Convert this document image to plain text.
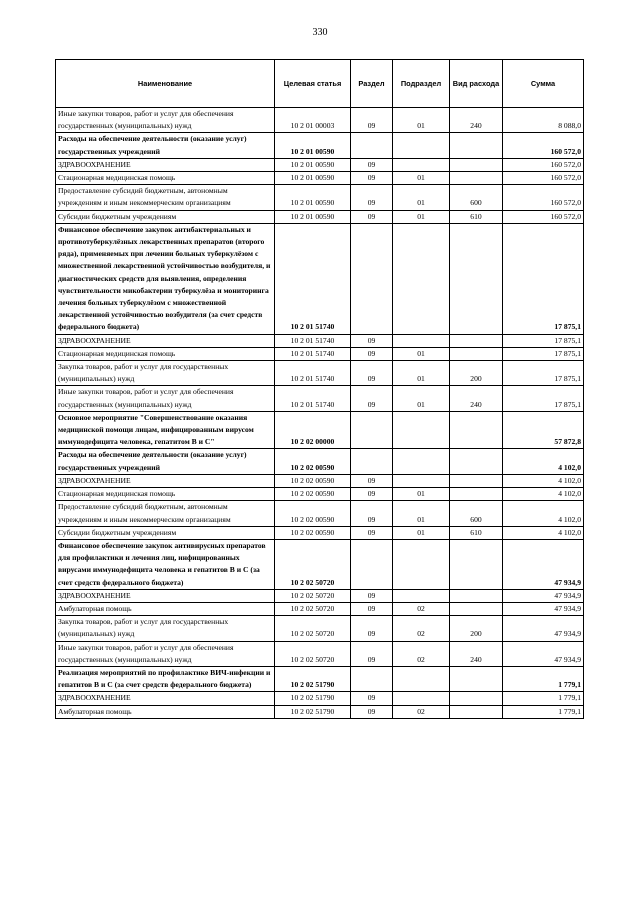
330
Наименование	Целевая статья	Раздел	Подраздел	Вид расхода	Сумма
Иные закупки товаров, работ и услуг для обеспечения государственных (муниципальных) нужд	10 2 01 00003	09	01	240	8 088,0
Расходы на обеспечение деятельности (оказание услуг) государственных учреждений	10 2 01 00590				160 572,0
ЗДРАВООХРАНЕНИЕ	10 2 01 00590	09			160 572,0
Стационарная медицинская помощь	10 2 01 00590	09	01		160 572,0
Предоставление субсидий бюджетным, автономным учреждениям и иным некоммерческим организациям	10 2 01 00590	09	01	600	160 572,0
Субсидии бюджетным учреждениям	10 2 01 00590	09	01	610	160 572,0
Финансовое обеспечение закупок антибактериальных и противотуберкулёзных лекарственных препаратов (второго ряда), применяемых при лечении больных туберкулёзом с множественной лекарственной устойчивостью возбудителя, и диагностических средств для выявления, определения чувствительности микобактерии туберкулёза и мониторинга лечения больных туберкулёзом с множественной лекарственной устойчивостью возбудителя (за счет средств федерального бюджета)	10 2 01 51740				17 875,1
ЗДРАВООХРАНЕНИЕ	10 2 01 51740	09			17 875,1
Стационарная медицинская помощь	10 2 01 51740	09	01		17 875,1
Закупка товаров, работ и услуг для государственных (муниципальных) нужд	10 2 01 51740	09	01	200	17 875,1
Иные закупки товаров, работ и услуг для обеспечения государственных (муниципальных) нужд	10 2 01 51740	09	01	240	17 875,1
Основное мероприятие "Совершенствование оказания медицинской помощи лицам, инфицированным вирусом иммунодефицита человека, гепатитом В и С"	10 2 02 00000				57 872,8
Расходы на обеспечение деятельности (оказание услуг) государственных учреждений	10 2 02 00590				4 102,0
ЗДРАВООХРАНЕНИЕ	10 2 02 00590	09			4 102,0
Стационарная медицинская помощь	10 2 02 00590	09	01		4 102,0
Предоставление субсидий бюджетным, автономным учреждениям и иным некоммерческим организациям	10 2 02 00590	09	01	600	4 102,0
Субсидии бюджетным учреждениям	10 2 02 00590	09	01	610	4 102,0
Финансовое обеспечение закупок антивирусных препаратов для профилактики и лечения лиц, инфицированных вирусами иммунодефицита человека и гепатитов В и С (за счет средств федерального бюджета)	10 2 02 50720				47 934,9
ЗДРАВООХРАНЕНИЕ	10 2 02 50720	09			47 934,9
Амбулаторная помощь	10 2 02 50720	09	02		47 934,9
Закупка товаров, работ и услуг для государственных (муниципальных) нужд	10 2 02 50720	09	02	200	47 934,9
Иные закупки товаров, работ и услуг для обеспечения государственных (муниципальных) нужд	10 2 02 50720	09	02	240	47 934,9
Реализация мероприятий по профилактике ВИЧ-инфекции и гепатитов В и С (за счет средств федерального бюджета)	10 2 02 51790				1 779,1
ЗДРАВООХРАНЕНИЕ	10 2 02 51790	09			1 779,1
Амбулаторная помощь	10 2 02 51790	09	02		1 779,1
